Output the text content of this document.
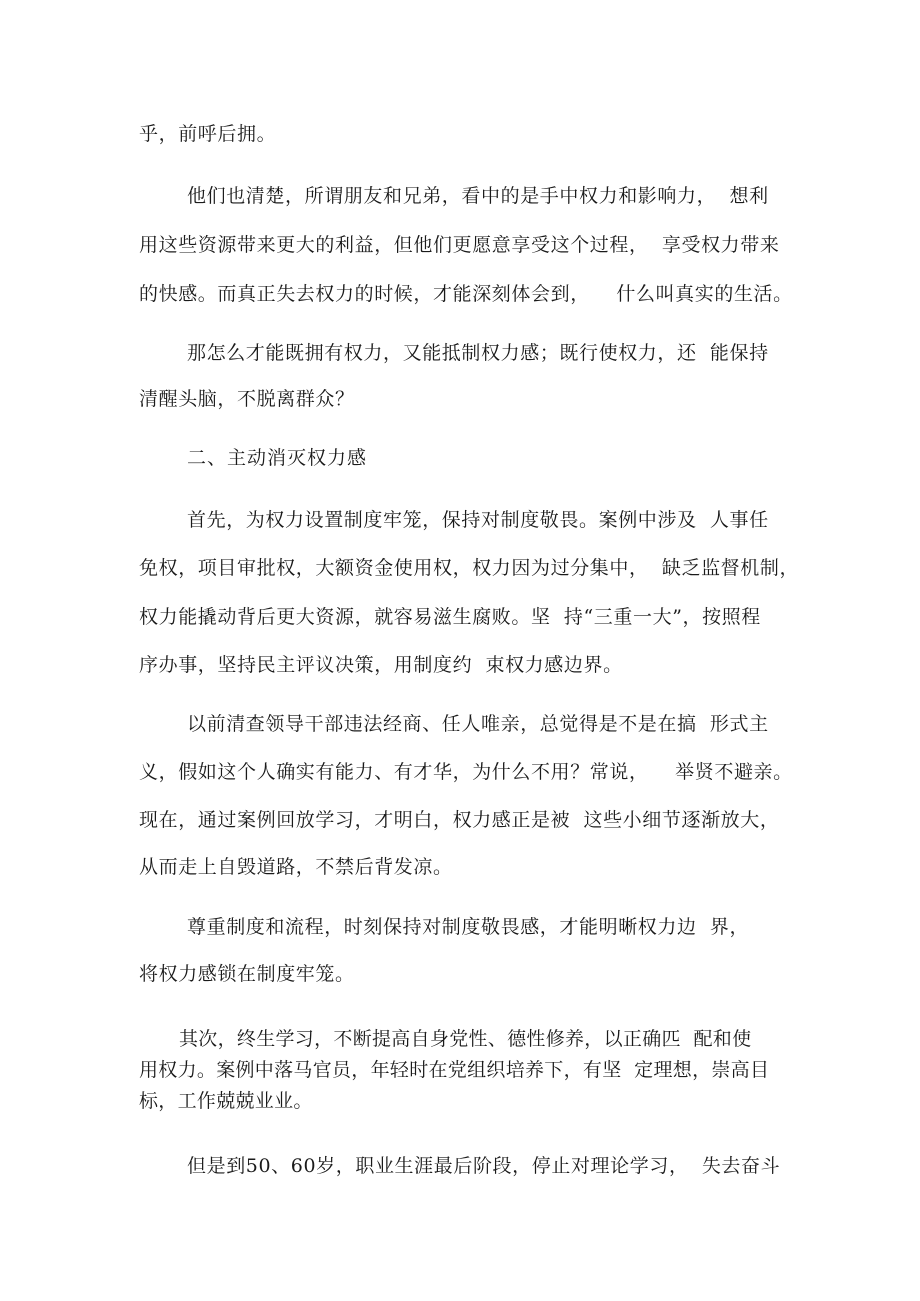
乎，前呼后拥。

他们也清楚，所谓朋友和兄弟，看中的是手中权力和影响力，  想利

用这些资源带来更大的利益，但他们更愿意享受这个过程，  享受权力带来

的快感。而真正失去权力的时候，才能深刻体会到，    什么叫真实的生活。

那怎么才能既拥有权力，又能抵制权力感；既行使权力，还  能保持

清醒头脑，不脱离群众？

二、主动消灭权力感

首先，为权力设置制度牢笼，保持对制度敬畏。案例中涉及  人事任

免权，项目审批权，大额资金使用权，权力因为过分集中，  缺乏监督机制，

权力能撬动背后更大资源，就容易滋生腐败。坚  持“三重一大”，按照程

序办事，坚持民主评议决策，用制度约  束权力感边界。

以前清查领导干部违法经商、任人唯亲，总觉得是不是在搞  形式主

义，假如这个人确实有能力、有才华，为什么不用？常说，    举贤不避亲。

现在，通过案例回放学习，才明白，权力感正是被  这些小细节逐渐放大，

从而走上自毁道路，不禁后背发凉。

尊重制度和流程，时刻保持对制度敬畏感，才能明晰权力边  界，

将权力感锁在制度牢笼。

其次，终生学习，不断提高自身党性、德性修养，以正确匹  配和使

用权力。案例中落马官员，年轻时在党组织培养下，有坚  定理想，崇高目

标，工作兢兢业业。

但是到50、60岁，职业生涯最后阶段，停止对理论学习，  失去奋斗
